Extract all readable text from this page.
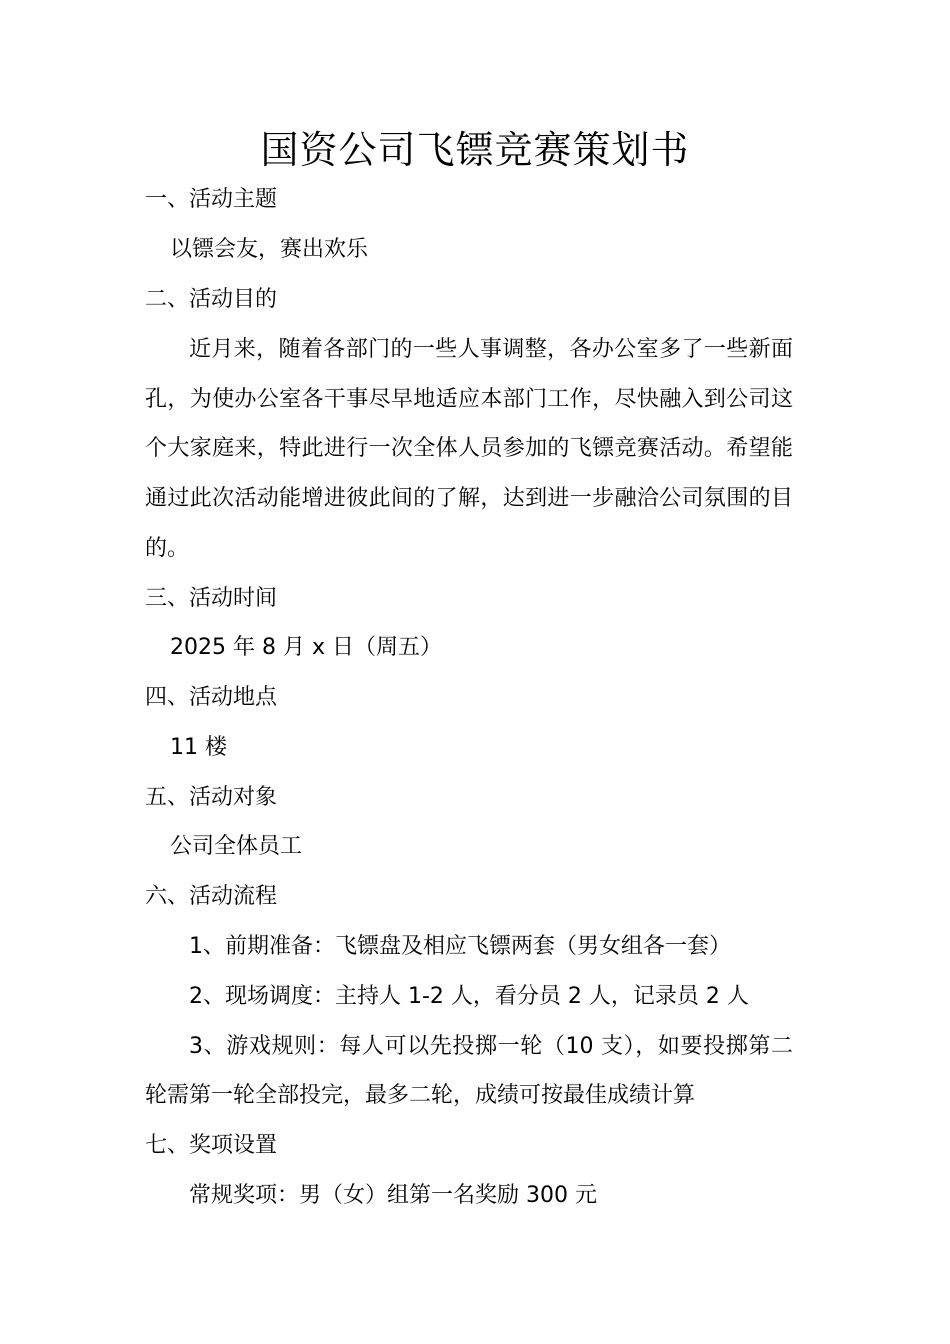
国资公司飞镖竞赛策划书
一、活动主题
以镖会友，赛出欢乐
二、活动目的
近月来，随着各部门的一些人事调整，各办公室多了一些新面
孔，为使办公室各干事尽早地适应本部门工作，尽快融入到公司这
个大家庭来，特此进行一次全体人员参加的飞镖竞赛活动。希望能
通过此次活动能增进彼此间的了解，达到进一步融洽公司氛围的目
的。
三、活动时间
2025 年 8 月 x 日（周五）
四、活动地点
11 楼
五、活动对象
公司全体员工
六、活动流程
1、前期准备：飞镖盘及相应飞镖两套（男女组各一套）
2、现场调度：主持人 1-2 人，看分员 2 人，记录员 2 人
3、游戏规则：每人可以先投掷一轮（10 支），如要投掷第二
轮需第一轮全部投完，最多二轮，成绩可按最佳成绩计算
七、奖项设置
常规奖项：男（女）组第一名奖励 300 元
